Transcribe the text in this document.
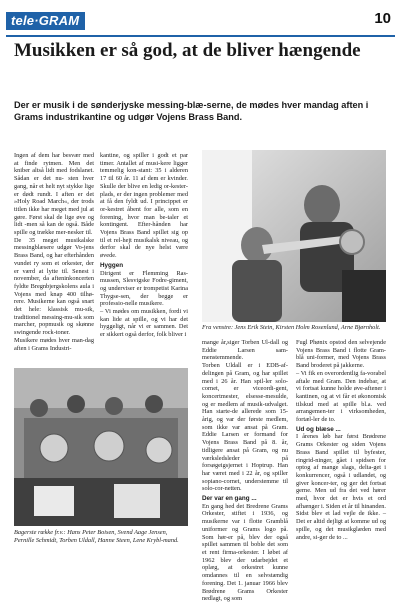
tele·GRAM	10
Musikken er så god, at de bliver hængende

Der er musik i de sønderjyske messing-blæ-serne, de mødes hver mandag aften i Grams industrikantine og udgør Vojens Brass Band.

Ingen af dem har besvær med at finde rytmen. Men det kniber altså lidt med fodslanet. Sådan er det nu- sten hver gang, når et helt nyt stykke lige er dødt rundt. I aften er det »Holy Road March«, der trods titlen ikke har meget med jul at gøre. Først skal de lige øve og lidt -men så kan de også. Både spille og trække mer-nesker til.
De 35 meget musikalske messingblæsere udgør Vo-jens Brass Band, og har efterhånden vundet ry som et orkester, der er værd at lytte til. Senest i november, da afteninkoncerten fyldte Bregnbjergskolens aula i Vojens med knap 400 tilhø-rere. Musikerne kan også snart det hele: klassisk mu-sik, traditionel messing-mu-sik som marcher, popmusik og skønne swingende rock-toner.
Musikere mødes hver man-dag aften i Grams Industri-

kantine, og spiller i godt et par timer. Antallet af musi-kere ligger temmelig kon-stant: 35 i alderen 17 til 60 år. 11 af dem er kvinder. Skulle der blive en ledig or-kester-plads, er der ingen problemer med at få den fyldt ud. I princippet er or-kestret åbent for alle, som en forening, hvor man be-taler et kontingent. Efter-hånden har Vojens Brass Band spillet sig op til et rel-hejt musikalsk niveau, og derfor skal de nye helst være øvede.

Hyggen

Dirigent er Flemming Ras-mussen, Slesvigske Fodre-giment, og underviser er trompetist Karina Thygse-sen, der begge er professio-nelle musikere.
– Vi mødes om musikken, fordi vi kan lide at spille, og vi har det hyggeligt, når vi er sammen. Det er sikkert også derfor, folk bliver i

Fra venstre: Jens Erik Stein, Kirsten Holm Rosenlund, Arne Bjørnholt.
Bagerste række fr.v.: Hans Peter Boisen, Svend Aage Jensen, Pernille Schmidt, Torben Uldall, Hanne Steen, Lene Krybl-mand.

mange år,siger Torben Ul-dall og Eddie Larsen sam-menstemmende.
Torben Uldall er i EDB-af-delingen på Gram, og har spillet med i 26 år. Han spil-ler solo-cornet, er viceordi-gent, koncertmester, elsesse-mesulde, og er medlem af musik-udvalget. Han starte-de allerede som 15-årig, og var der første medlem, som ikke var ansat på Gram. Eddie Larsen er formand for Vojens Brass Band på 8. år, tidligere ansat på Gram, og nu værksledsleder på forsøgeigsjernet i Hoptrup. Han har været med i 22 år, og spiller sopiano-cornet, understemme til solo-cor-netten.

Der var en gang ...

En gang hed det Bredrene Grams Orkester, stiftet i 1936, og musikerne var i flotte Gramblå uniformer og Grams logo på. Som hør-er på, blev der også spillet sammen til boble det som et rent firma-orkester. I løbet af 1962 blev der udarbejdet et oplæg, at orkestret kunne omdannes til en selvstændig forening. Det 1. januar 1966 blev Brødrene Grams Orkester nedlagt, og som

Fugl Phønix opstod den selvejende Vojens Brass Band i flotte Gram-blå uni-former, med Vojens Brass Band broderet på jakkerne.
– Vi fik en overordentlig fa-vorabel aftale med Gram. Den indebar, at vi fortsat kunne holde øve-aftener i kantinen, og at vi får et økonomisk tilskud med at spille bl.a. ved arrangemen-ter i virksomheden, fortæl-ler de to.

Ud og blæse ...

I årenes løb har først Brødrene Grams Orkester og siden Vojens Brass Band spillet til byfester, ringrid-ninger, gået i spidsen for optog af mange slags, delta-get i konkurrencer, også i udlandet, og giver koncer-ter, og ger det fortsat gerne. Men ud fra det ved hører med, hvor det er hvis et ord afhænger i. Siden et år til hinanden. Sidst blev et lad vejle de ikke. – Det er altid dejligt at komme ud og spille, og det musikglæden med andre, si-ger de to ...
